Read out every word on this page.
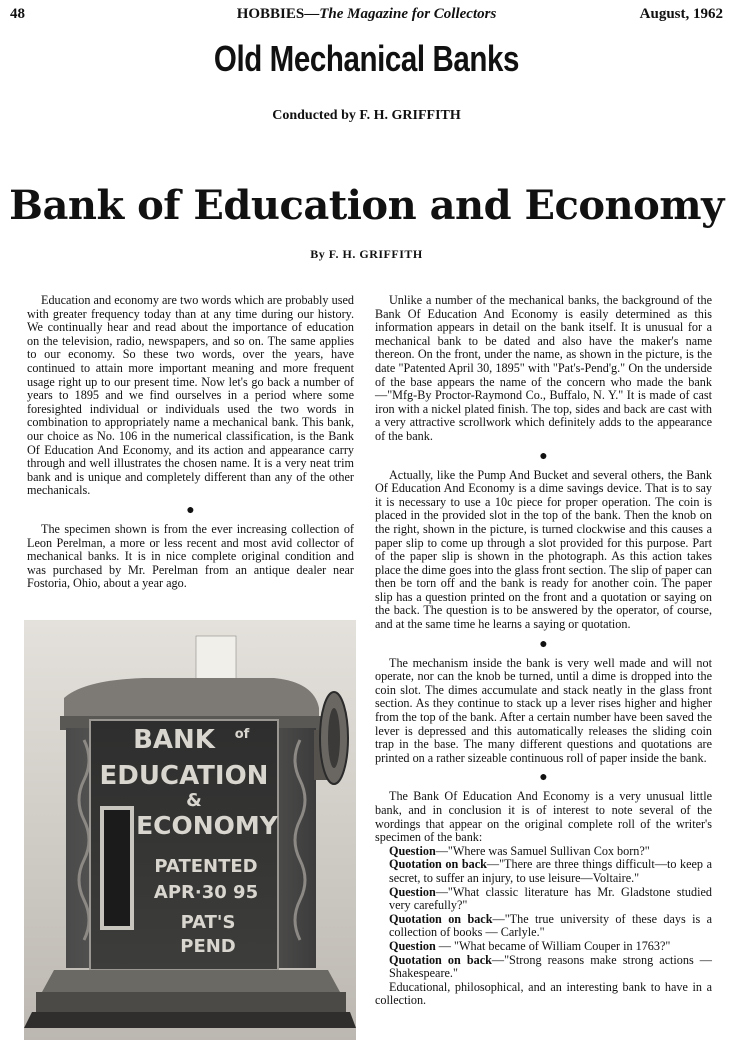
48	HOBBIES—The Magazine for Collectors	August, 1962
Old Mechanical Banks
Conducted by F. H. GRIFFITH
Bank of Education and Economy
By F. H. GRIFFITH

Education and economy are two words which are probably used with greater frequency today than at any time during our history. We continually hear and read about the importance of education on the television, radio, newspapers, and so on. The same applies to our economy. So these two words, over the years, have continued to attain more important meaning and more frequent usage right up to our present time. Now let's go back a number of years to 1895 and we find ourselves in a period where some foresighted individual or individuals used the two words in combination to appropriately name a mechanical bank. This bank, our choice as No. 106 in the numerical classification, is the Bank Of Education And Economy, and its action and appearance carry through and well illustrates the chosen name. It is a very neat trim bank and is unique and completely different than any of the other mechanicals.

●

The specimen shown is from the ever increasing collection of Leon Perelman, a more or less recent and most avid collector of mechanical banks. It is in nice complete original condition and was purchased by Mr. Perelman from an antique dealer near Fostoria, Ohio, about a year ago.

BANK of
EDUCATION
&
ECONOMY
PATENTED
APR·30 95
PAT'S
PEND

Unlike a number of the mechanical banks, the background of the Bank Of Education And Economy is easily determined as this information appears in detail on the bank itself. It is unusual for a mechanical bank to be dated and also have the maker's name thereon. On the front, under the name, as shown in the picture, is the date "Patented April 30, 1895" with "Pat's-Pend'g." On the underside of the base appears the name of the concern who made the bank—"Mfg-By Proctor-Raymond Co., Buffalo, N. Y." It is made of cast iron with a nickel plated finish. The top, sides and back are cast with a very attractive scrollwork which definitely adds to the appearance of the bank.

●

Actually, like the Pump And Bucket and several others, the Bank Of Education And Economy is a dime savings device. That is to say it is necessary to use a 10c piece for proper operation. The coin is placed in the provided slot in the top of the bank. Then the knob on the right, shown in the picture, is turned clockwise and this causes a paper slip to come up through a slot provided for this purpose. Part of the paper slip is shown in the photograph. As this action takes place the dime goes into the glass front section. The slip of paper can then be torn off and the bank is ready for another coin. The paper slip has a question printed on the front and a quotation or saying on the back. The question is to be answered by the operator, of course, and at the same time he learns a saying or quotation.

●

The mechanism inside the bank is very well made and will not operate, nor can the knob be turned, until a dime is dropped into the coin slot. The dimes accumulate and stack neatly in the glass front section. As they continue to stack up a lever rises higher and higher from the top of the bank. After a certain number have been saved the lever is depressed and this automatically releases the sliding coin trap in the base. The many different questions and quotations are printed on a rather sizeable continuous roll of paper inside the bank.

●

The Bank Of Education And Economy is a very unusual little bank, and in conclusion it is of interest to note several of the wordings that appear on the original complete roll of the writer's specimen of the bank:

Question—"Where was Samuel Sullivan Cox born?"

Quotation on back—"There are three things difficult—to keep a secret, to suffer an injury, to use leisure—Voltaire."

Question—"What classic literature has Mr. Gladstone studied very carefully?"

Quotation on back—"The true university of these days is a collection of books — Carlyle."

Question — "What became of William Couper in 1763?"

Quotation on back—"Strong reasons make strong actions — Shakespeare."

Educational, philosophical, and an interesting bank to have in a collection.
